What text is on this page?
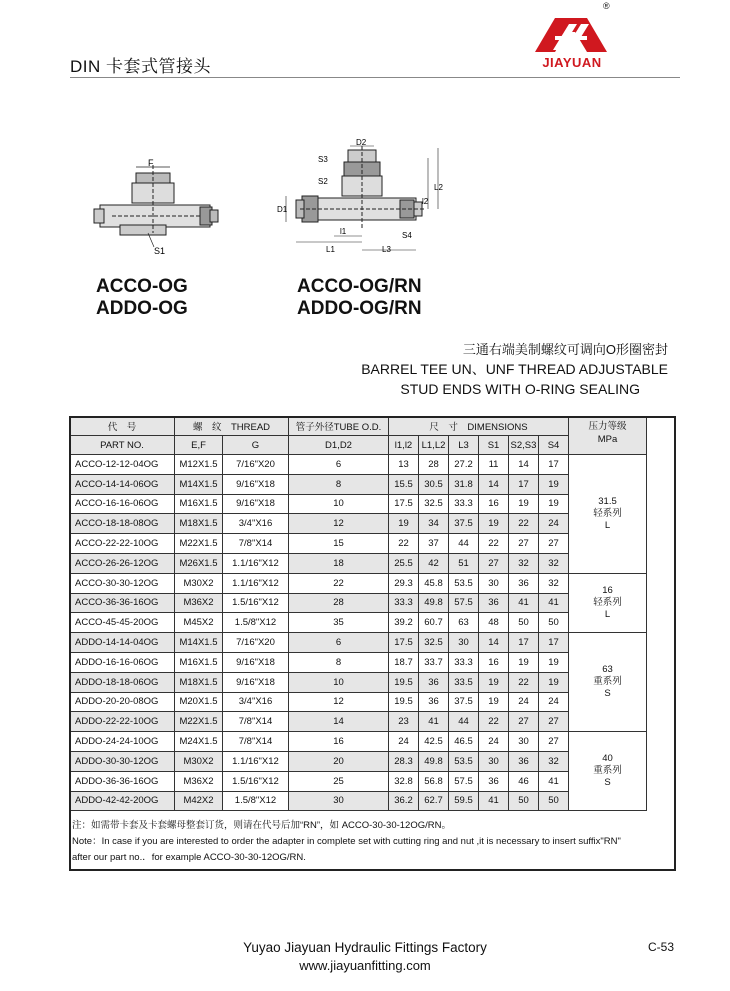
DIN 卡套式管接头
®
JIAYUAN
F
S1
D2
S3
S2
D1
l1
L1	L3
S4
l2
L2
ACCO-OG
ADDO-OG
ACCO-OG/RN
ADDO-OG/RN
三通右端美制螺纹可调向O形圈密封
BARREL TEE UN、UNF THREAD ADJUSTABLE
STUD ENDS WITH O-RING SEALING
代　号	螺　纹　THREAD		管子外径TUBE O.D.	尺　寸　DIMENSIONS						压力等级
MPa

PART NO.	E,F	G	D1,D2	l1,l2	L1,L2	L3	S1	S2,S3	S4	
ACCO-12-12-04OG	M12X1.5	7/16"X20	6	13	28	27.2	11	14	17	31.5
轻系列
L

ACCO-14-14-06OG	M14X1.5	9/16"X18	8	15.5	30.5	31.8	14	17	19	
ACCO-16-16-06OG	M16X1.5	9/16"X18	10	17.5	32.5	33.3	16	19	19	
ACCO-18-18-08OG	M18X1.5	3/4"X16	12	19	34	37.5	19	22	24	
ACCO-22-22-10OG	M22X1.5	7/8"X14	15	22	37	44	22	27	27	
ACCO-26-26-12OG	M26X1.5	1.1/16"X12	18	25.5	42	51	27	32	32	
ACCO-30-30-12OG	M30X2	1.1/16"X12	22	29.3	45.8	53.5	30	36	32	16
轻系列
L

ACCO-36-36-16OG	M36X2	1.5/16"X12	28	33.3	49.8	57.5	36	41	41	
ACCO-45-45-20OG	M45X2	1.5/8"X12	35	39.2	60.7	63	48	50	50	
ADDO-14-14-04OG	M14X1.5	7/16"X20	6	17.5	32.5	30	14	17	17	63
重系列
S

ADDO-16-16-06OG	M16X1.5	9/16"X18	8	18.7	33.7	33.3	16	19	19	
ADDO-18-18-06OG	M18X1.5	9/16"X18	10	19.5	36	33.5	19	22	19	
ADDO-20-20-08OG	M20X1.5	3/4"X16	12	19.5	36	37.5	19	24	24	
ADDO-22-22-10OG	M22X1.5	7/8"X14	14	23	41	44	22	27	27	
ADDO-24-24-10OG	M24X1.5	7/8"X14	16	24	42.5	46.5	24	30	27	40
重系列
S

ADDO-30-30-12OG	M30X2	1.1/16"X12	20	28.3	49.8	53.5	30	36	32	
ADDO-36-36-16OG	M36X2	1.5/16"X12	25	32.8	56.8	57.5	36	46	41	
ADDO-42-42-20OG	M42X2	1.5/8"X12	30	36.2	62.7	59.5	41	50	50	
注：如需带卡套及卡套螺母整套订货，则请在代号后加“RN”，如 ACCO-30-30-12OG/RN。
Note：In case if you are interested to order the adapter in complete set with cutting ring and nut ,it is necessary to insert suffix"RN"
after our part no.．for example ACCO-30-30-12OG/RN.
Yuyao Jiayuan Hydraulic Fittings Factory
www.jiayuanfitting.com
C-53
